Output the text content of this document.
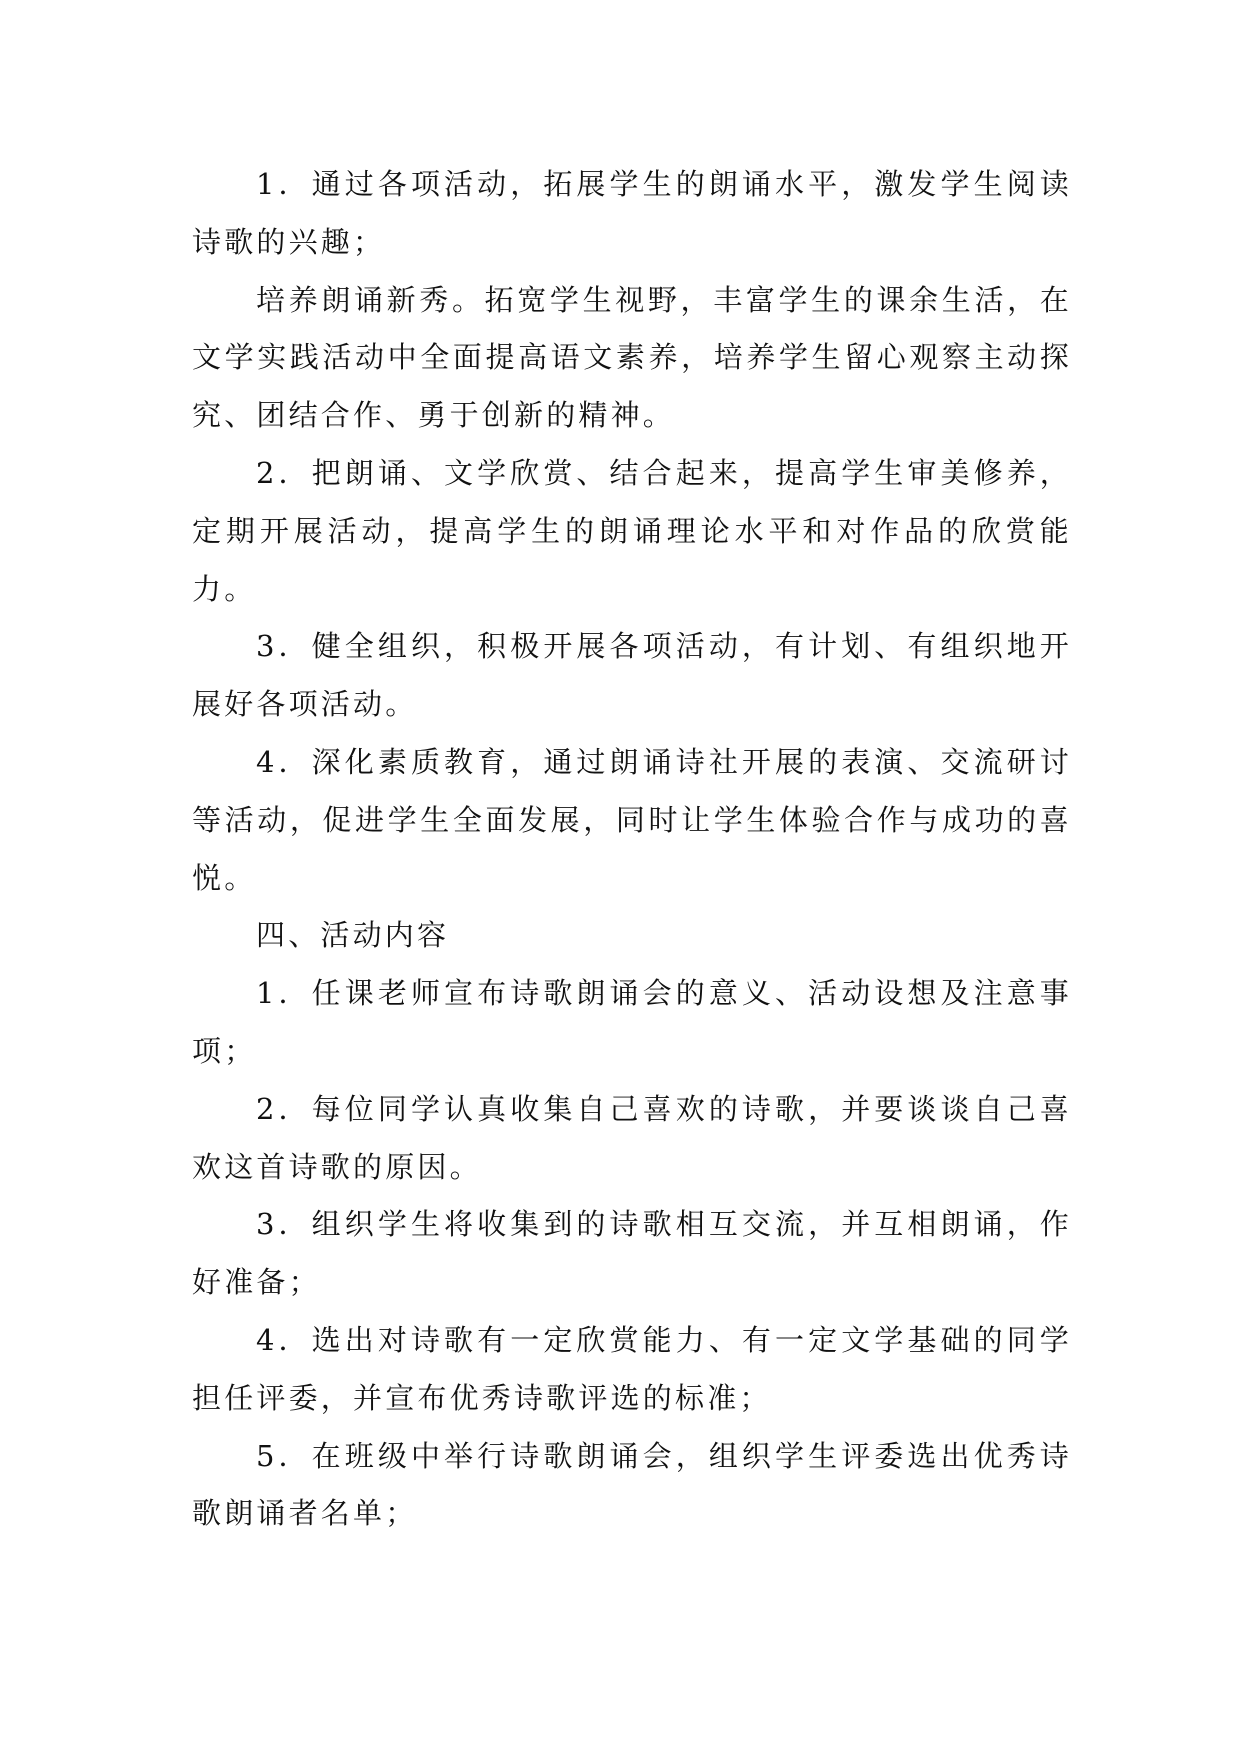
1．通过各项活动，拓展学生的朗诵水平，激发学生阅读诗歌的兴趣；

培养朗诵新秀。拓宽学生视野，丰富学生的课余生活，在文学实践活动中全面提高语文素养，培养学生留心观察主动探究、团结合作、勇于创新的精神。

2．把朗诵、文学欣赏、结合起来，提高学生审美修养，定期开展活动，提高学生的朗诵理论水平和对作品的欣赏能力。

3．健全组织，积极开展各项活动，有计划、有组织地开展好各项活动。

4．深化素质教育，通过朗诵诗社开展的表演、交流研讨等活动，促进学生全面发展，同时让学生体验合作与成功的喜悦。

四、活动内容

1．任课老师宣布诗歌朗诵会的意义、活动设想及注意事项；

2．每位同学认真收集自己喜欢的诗歌，并要谈谈自己喜欢这首诗歌的原因。

3．组织学生将收集到的诗歌相互交流，并互相朗诵，作好准备；

4．选出对诗歌有一定欣赏能力、有一定文学基础的同学担任评委，并宣布优秀诗歌评选的标准；

5．在班级中举行诗歌朗诵会，组织学生评委选出优秀诗歌朗诵者名单；
